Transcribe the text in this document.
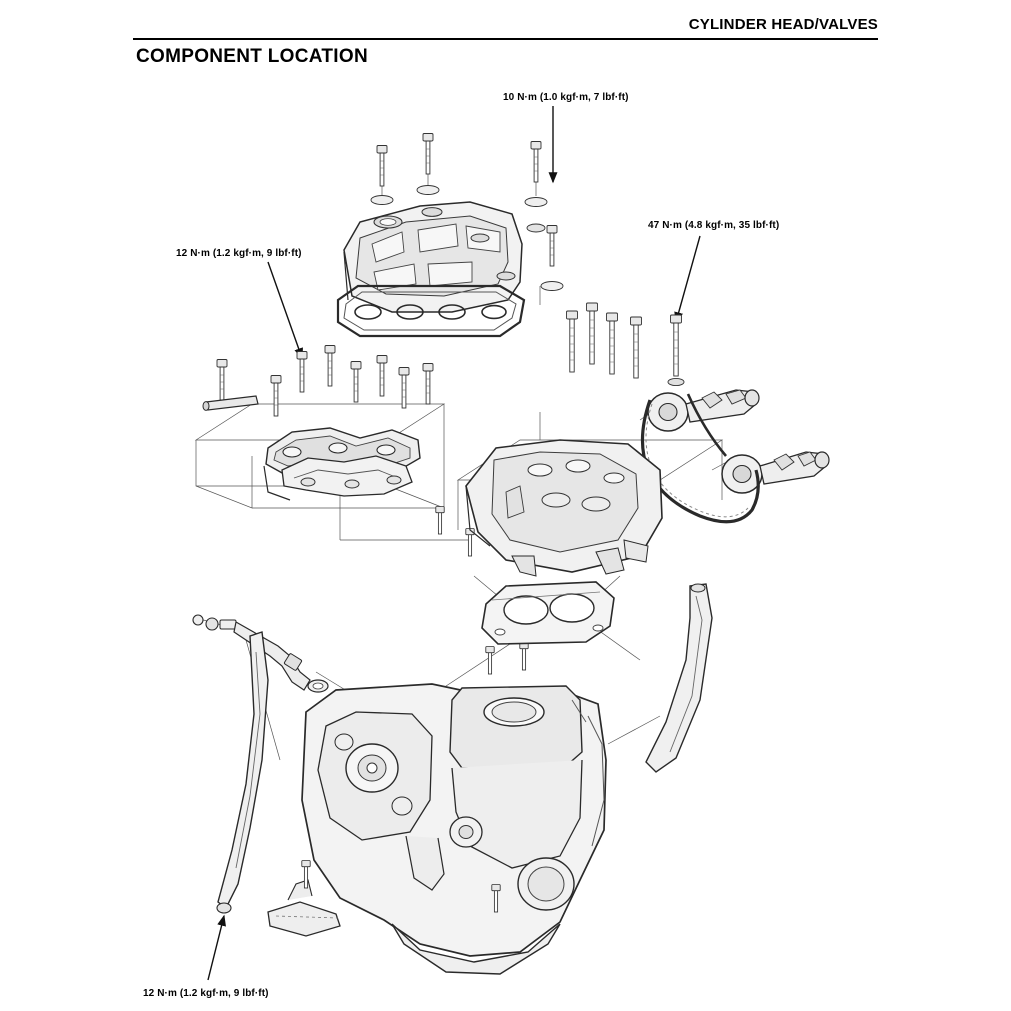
CYLINDER HEAD/VALVES
COMPONENT LOCATION
10 N·m (1.0 kgf·m, 7 lbf·ft)
47 N·m (4.8 kgf·m, 35 lbf·ft)
12 N·m (1.2 kgf·m, 9 lbf·ft)
12 N·m (1.2 kgf·m, 9 lbf·ft)
